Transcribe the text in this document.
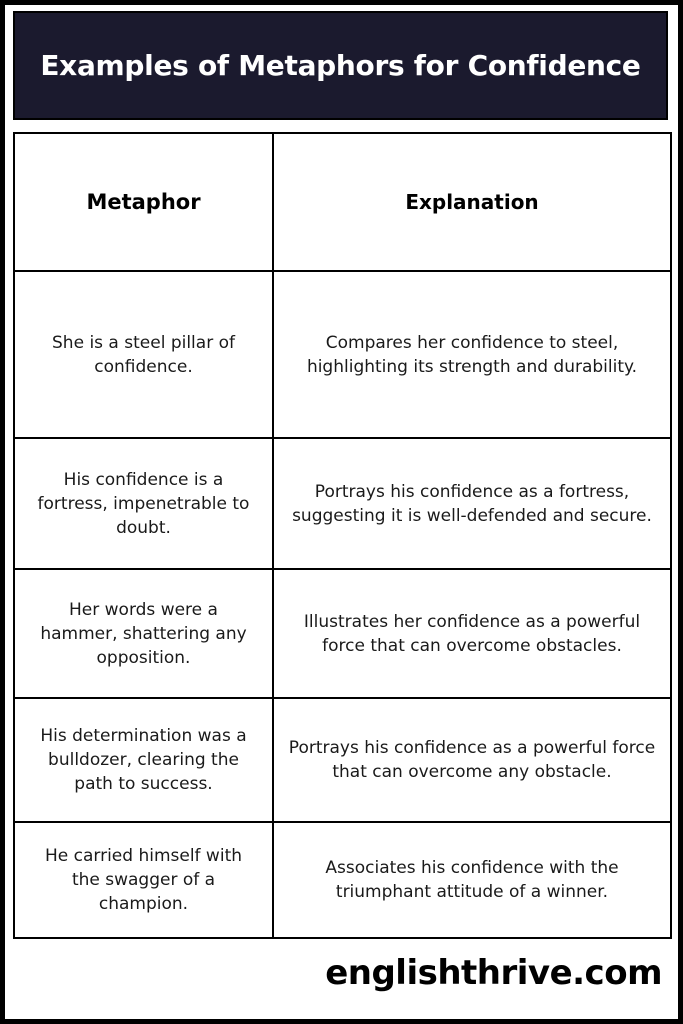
Examples of Metaphors for Confidence
Metaphor	Explanation
She is a steel pillar of confidence.	Compares her confidence to steel, highlighting its strength and durability.
His confidence is a fortress, impenetrable to doubt.	Portrays his confidence as a fortress, suggesting it is well-defended and secure.
Her words were a hammer, shattering any opposition.	Illustrates her confidence as a powerful force that can overcome obstacles.
His determination was a bulldozer, clearing the path to success.	Portrays his confidence as a powerful force that can overcome any obstacle.
He carried himself with the swagger of a champion.	Associates his confidence with the triumphant attitude of a winner.
englishthrive.com
